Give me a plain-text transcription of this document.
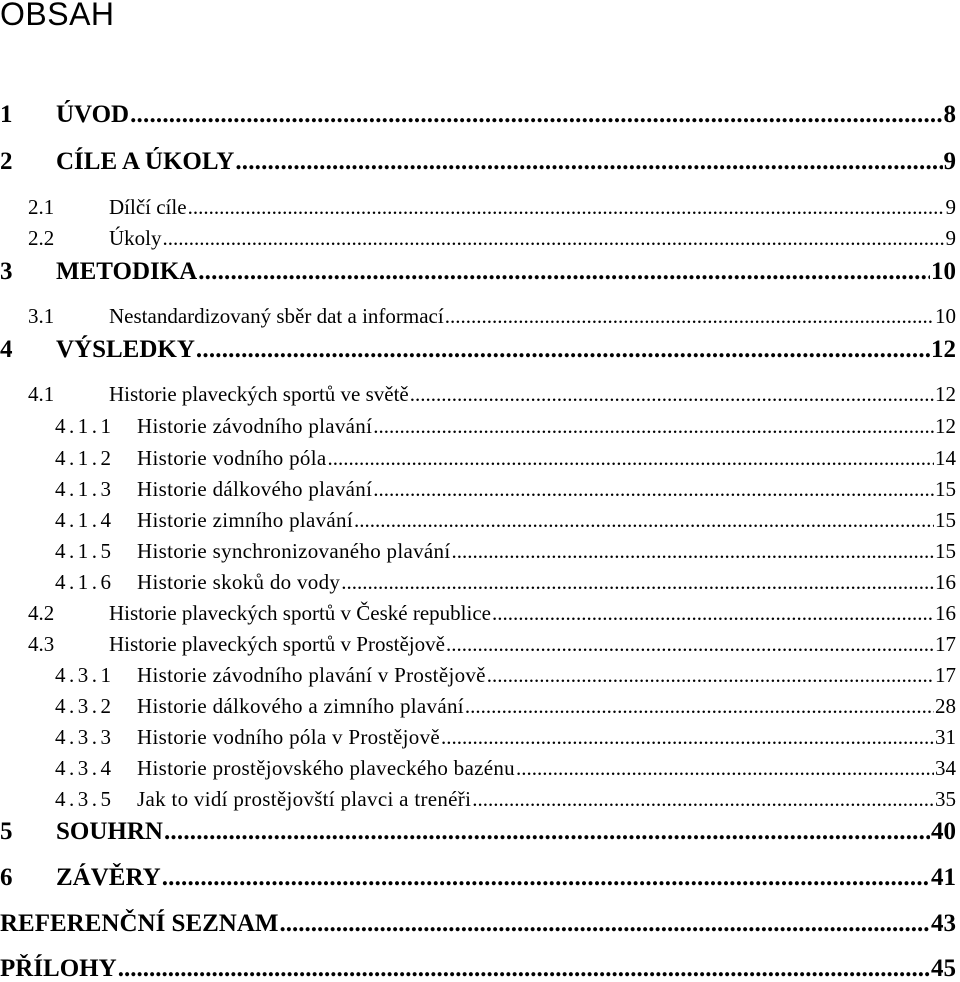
OBSAH
1	ÚVOD .....	8
2	CÍLE A ÚKOLY .....	9
2.1	Dílčí cíle .....	9
2.2	Úkoly .....	9
3	METODIKA .....	10
3.1	Nestandardizovaný sběr dat a informací .....	10
4	VÝSLEDKY .....	12
4.1	Historie plaveckých sportů ve světě .....	12
4.1.1	Historie závodního plavání .....	12
4.1.2	Historie vodního póla .....	14
4.1.3	Historie dálkového plavání .....	15
4.1.4	Historie zimního plavání .....	15
4.1.5	Historie synchronizovaného plavání .....	15
4.1.6	Historie skoků do vody .....	16
4.2	Historie plaveckých sportů v České republice .....	16
4.3	Historie plaveckých sportů v Prostějově .....	17
4.3.1	Historie závodního plavání v Prostějově .....	17
4.3.2	Historie dálkového a zimního plavání .....	28
4.3.3	Historie vodního póla v Prostějově .....	31
4.3.4	Historie prostějovského plaveckého bazénu .....	34
4.3.5	Jak to vidí prostějovští plavci a trenéři .....	35
5	SOUHRN .....	40
6	ZÁVĚRY .....	41
REFERENČNÍ SEZNAM .....	43
PŘÍLOHY .....	45
